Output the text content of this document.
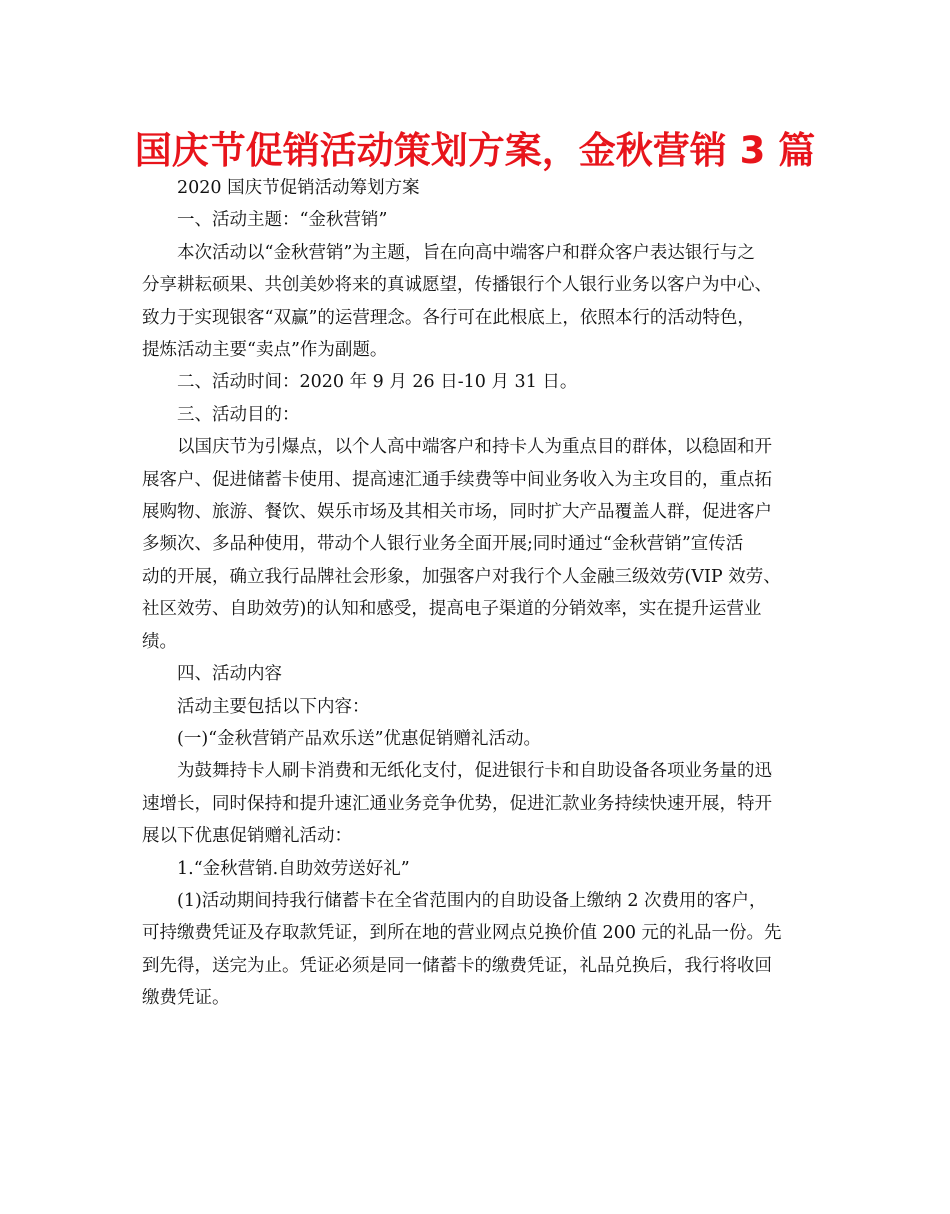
国庆节促销活动策划方案，金秋营销 3 篇
2020 国庆节促销活动筹划方案
一、活动主题：“金秋营销”
本次活动以“金秋营销”为主题，旨在向高中端客户和群众客户表达银行与之
分享耕耘硕果、共创美妙将来的真诚愿望，传播银行个人银行业务以客户为中心、
致力于实现银客“双赢”的运营理念。各行可在此根底上，依照本行的活动特色，
提炼活动主要“卖点”作为副题。
二、活动时间：2020 年 9 月 26 日-10 月 31 日。
三、活动目的：
以国庆节为引爆点，以个人高中端客户和持卡人为重点目的群体，以稳固和开
展客户、促进储蓄卡使用、提高速汇通手续费等中间业务收入为主攻目的，重点拓
展购物、旅游、餐饮、娱乐市场及其相关市场，同时扩大产品覆盖人群，促进客户
多频次、多品种使用，带动个人银行业务全面开展;同时通过“金秋营销”宣传活
动的开展，确立我行品牌社会形象，加强客户对我行个人金融三级效劳(VIP 效劳、
社区效劳、自助效劳)的认知和感受，提高电子渠道的分销效率，实在提升运营业
绩。
四、活动内容
活动主要包括以下内容：
(一)“金秋营销产品欢乐送”优惠促销赠礼活动。
为鼓舞持卡人刷卡消费和无纸化支付，促进银行卡和自助设备各项业务量的迅
速增长，同时保持和提升速汇通业务竞争优势，促进汇款业务持续快速开展，特开
展以下优惠促销赠礼活动：
1.“金秋营销.自助效劳送好礼”
(1)活动期间持我行储蓄卡在全省范围内的自助设备上缴纳 2 次费用的客户，
可持缴费凭证及存取款凭证，到所在地的营业网点兑换价值 200 元的礼品一份。先
到先得，送完为止。凭证必须是同一储蓄卡的缴费凭证，礼品兑换后，我行将收回
缴费凭证。
